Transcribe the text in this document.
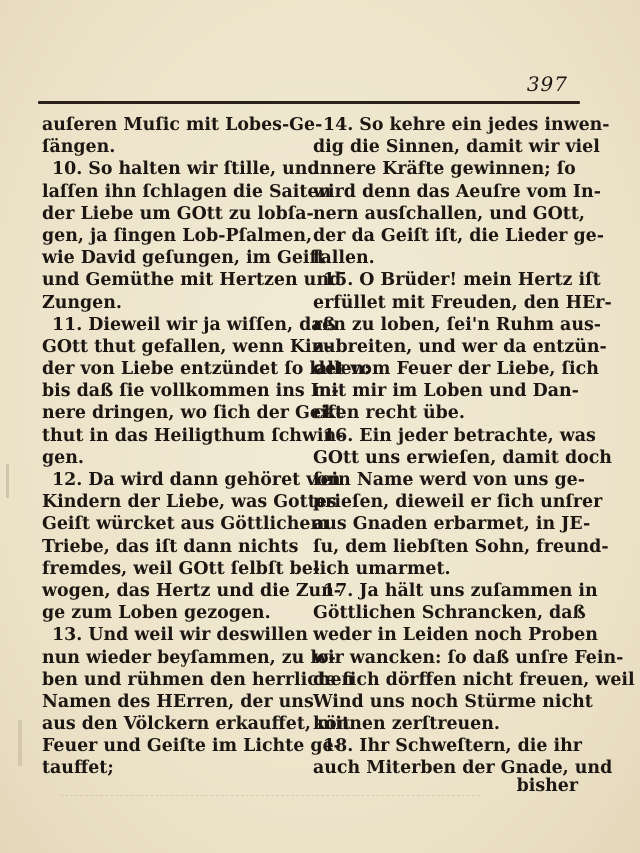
397
auſeren Muſic mit Lobes-Ge-
ſängen.
10. So halten wir ſtille, und
laſſen ihn ſchlagen die Saiten
der Liebe um GOtt zu lobſa-
gen, ja ſingen Lob-Pſalmen,
wie David geſungen, im Geiſt
und Gemüthe mit Hertzen und
Zungen.
11. Dieweil wir ja wiſſen, daß
GOtt thut gefallen, wenn Kin-
der von Liebe entzündet ſo lallen:
bis daß ſie vollkommen ins In-
nere dringen, wo ſich der Geiſt
thut in das Heiligthum ſchwin-
gen.
12. Da wird dann gehöret von
Kindern der Liebe, was Gottes
Geiſt würcket aus Göttlichem
Triebe, das iſt dann nichts
fremdes, weil GOtt ſelbſt be-
wogen, das Hertz und die Zun-
ge zum Loben gezogen.
13. Und weil wir deswillen
nun wieder beyſammen, zu lo-
ben und rühmen den herrlichen
Namen des HErren, der uns
aus den Völckern erkauffet, mit
Feuer und Geiſte im Lichte ge-
tauffet;
14. So kehre ein jedes inwen-
dig die Sinnen, damit wir viel
innere Kräfte gewinnen; ſo
wird denn das Aeuſre vom In-
nern ausſchallen, und GOtt,
der da Geiſt iſt, die Lieder ge-
fallen.
15. O Brüder! mein Hertz iſt
erfüllet mit Freuden, den HEr-
ren zu loben, ſei'n Ruhm aus-
zubreiten, und wer da entzün-
det vom Feuer der Liebe, ſich
mit mir im Loben und Dan-
cken recht übe.
16. Ein jeder betrachte, was
GOtt uns erwieſen, damit doch
ſein Name werd von uns ge-
prieſen, dieweil er ſich unſrer
aus Gnaden erbarmet, in JE-
ſu, dem liebſten Sohn, freund-
lich umarmet.
17. Ja hält uns zuſammen in
Göttlichen Schrancken, daß
weder in Leiden noch Proben
wir wancken: ſo daß unſre Fein-
de ſich dörffen nicht freuen, weil
Wind uns noch Stürme nicht
können zerſtreuen.
18. Ihr Schweſtern, die ihr
auch Miterben der Gnade, und
bisher
